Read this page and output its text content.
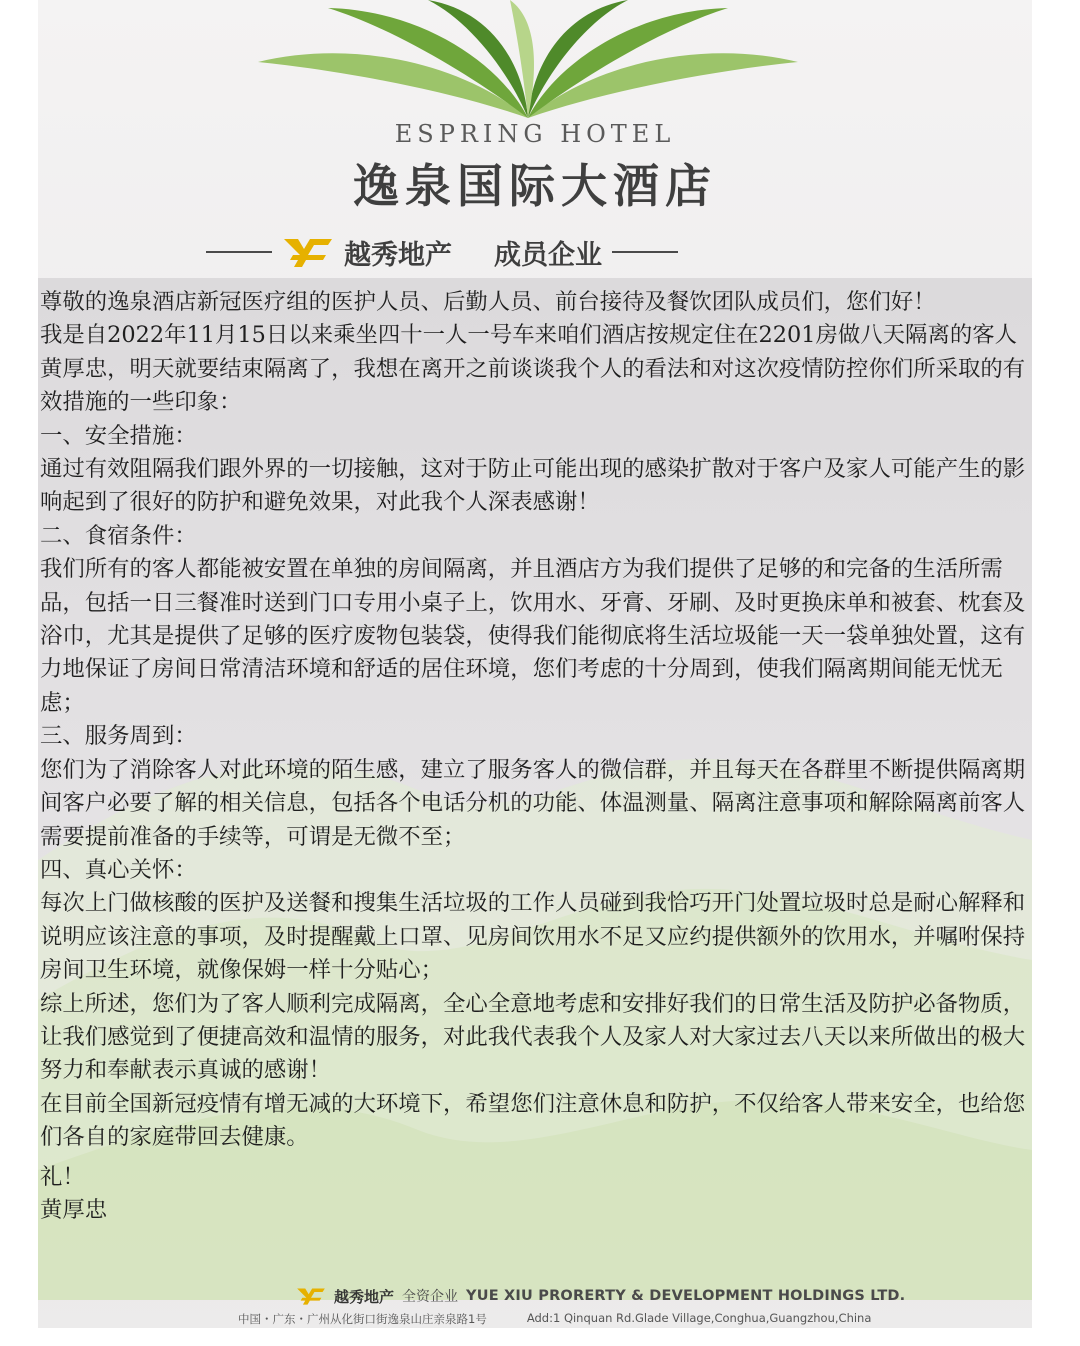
ESPRING HOTEL
逸泉国际大酒店
越秀地产 成员企业
越秀地产 全资企业 YUE XIU PRORERTY & DEVELOPMENT HOLDINGS LTD.
中国・广东・广州从化街口街逸泉山庄亲泉路1号	Add:1 Qinquan Rd.Glade Village,Conghua,Guangzhou,China

尊敬的逸泉酒店新冠医疗组的医护人员、后勤人员、前台接待及餐饮团队成员们，您们好！

我是自2022年11月15日以来乘坐四十一人一号车来咱们酒店按规定住在2201房做八天隔离的客人黄厚忠，明天就要结束隔离了，我想在离开之前谈谈我个人的看法和对这次疫情防控你们所采取的有效措施的一些印象：

一、安全措施：

通过有效阻隔我们跟外界的一切接触，这对于防止可能出现的感染扩散对于客户及家人可能产生的影响起到了很好的防护和避免效果，对此我个人深表感谢！

二、食宿条件：

我们所有的客人都能被安置在单独的房间隔离，并且酒店方为我们提供了足够的和完备的生活所需品，包括一日三餐准时送到门口专用小桌子上，饮用水、牙膏、牙刷、及时更换床单和被套、枕套及浴巾，尤其是提供了足够的医疗废物包装袋，使得我们能彻底将生活垃圾能一天一袋单独处置，这有力地保证了房间日常清洁环境和舒适的居住环境，您们考虑的十分周到，使我们隔离期间能无忧无虑；

三、服务周到：

您们为了消除客人对此环境的陌生感，建立了服务客人的微信群，并且每天在各群里不断提供隔离期间客户必要了解的相关信息，包括各个电话分机的功能、体温测量、隔离注意事项和解除隔离前客人需要提前准备的手续等，可谓是无微不至；

四、真心关怀：

每次上门做核酸的医护及送餐和搜集生活垃圾的工作人员碰到我恰巧开门处置垃圾时总是耐心解释和说明应该注意的事项，及时提醒戴上口罩、见房间饮用水不足又应约提供额外的饮用水，并嘱咐保持房间卫生环境，就像保姆一样十分贴心；

综上所述，您们为了客人顺利完成隔离，全心全意地考虑和安排好我们的日常生活及防护必备物质，让我们感觉到了便捷高效和温情的服务，对此我代表我个人及家人对大家过去八天以来所做出的极大努力和奉献表示真诚的感谢！

在目前全国新冠疫情有增无减的大环境下，希望您们注意休息和防护，不仅给客人带来安全，也给您们各自的家庭带回去健康。

礼！

黄厚忠
